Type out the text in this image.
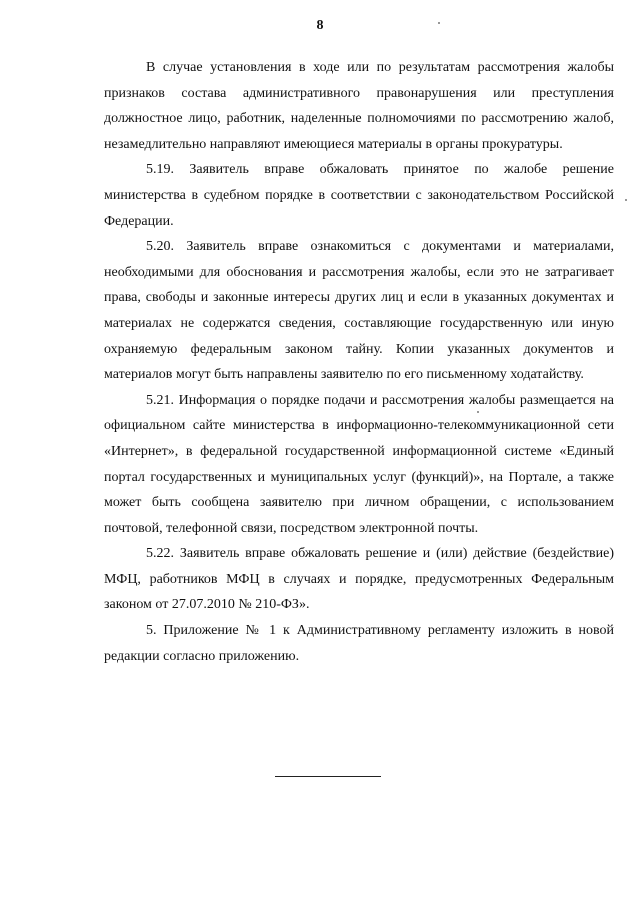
8

В случае установления в ходе или по результатам рассмотрения жалобы признаков состава административного правонарушения или преступления должностное лицо, работник, наделенные полномочиями по рассмотрению жалоб, незамедлительно направляют имеющиеся материалы в органы прокуратуры.

5.19. Заявитель вправе обжаловать принятое по жалобе решение министерства в судебном порядке в соответствии с законодательством Российской Федерации.

5.20. Заявитель вправе ознакомиться с документами и материалами, необходимыми для обоснования и рассмотрения жалобы, если это не затрагивает права, свободы и законные интересы других лиц и если в указанных документах и материалах не содержатся сведения, составляющие государственную или иную охраняемую федеральным законом тайну. Копии указанных документов и материалов могут быть направлены заявителю по его письменному ходатайству.

5.21. Информация о порядке подачи и рассмотрения жалобы размещается на официальном сайте министерства в информационно-телекоммуникационной сети «Интернет», в федеральной государственной информационной системе «Единый портал государственных и муниципальных услуг (функций)», на Портале, а также может быть сообщена заявителю при личном обращении, с использованием почтовой, телефонной связи, посредством электронной почты.

5.22. Заявитель вправе обжаловать решение и (или) действие (бездействие) МФЦ, работников МФЦ в случаях и порядке, предусмотренных Федеральным законом от 27.07.2010 № 210-ФЗ».

5. Приложение № 1 к Административному регламенту изложить в новой редакции согласно приложению.
